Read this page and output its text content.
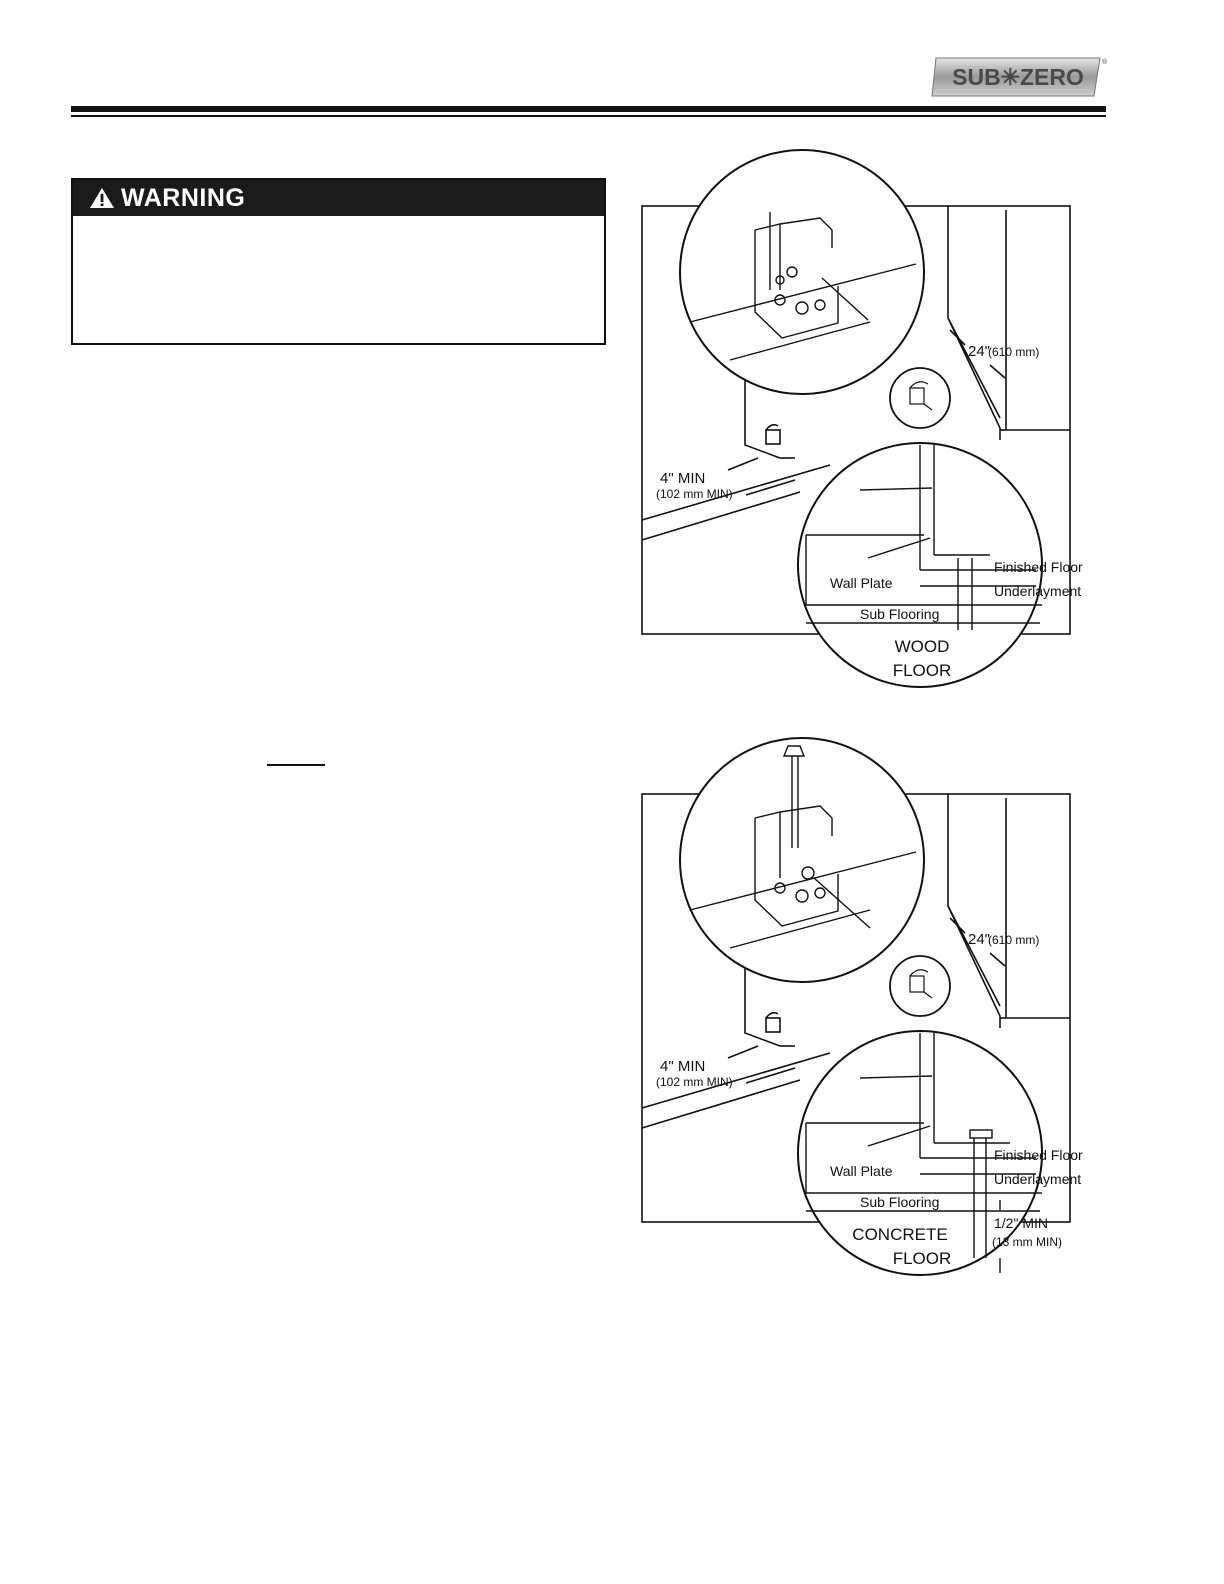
SUB✳ZERO
®
WARNING
24"
(610 mm)
4" MIN
(102 mm MIN)
Finished Floor
Underlayment
Wall Plate
Sub Flooring
WOOD
FLOOR
24"
(610 mm)
4" MIN
(102 mm MIN)
Finished Floor
Underlayment
Wall Plate
Sub Flooring
CONCRETE
FLOOR
1/2" MIN
(13 mm MIN)
